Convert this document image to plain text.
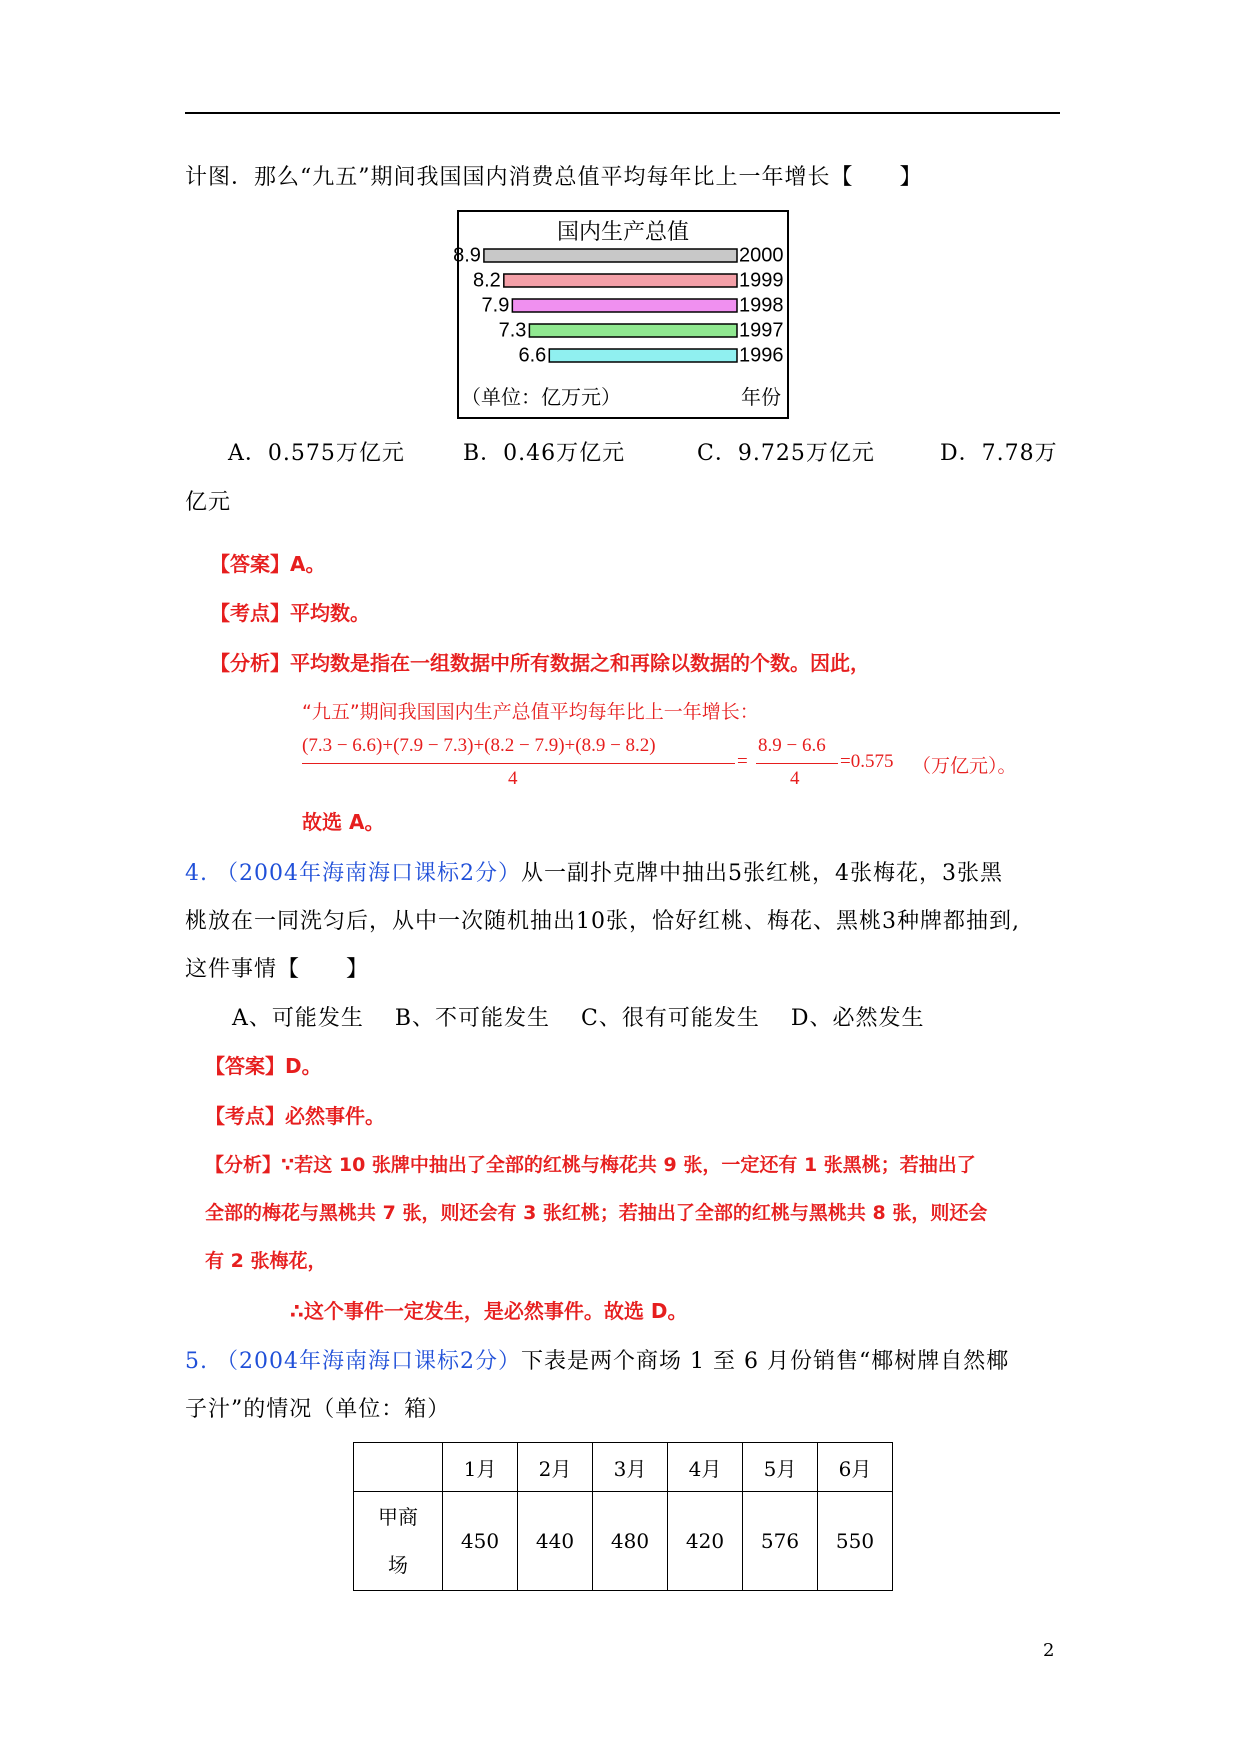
计图．那么“九五”期间我国国内消费总值平均每年比上一年增长【　　】
国内生产总值
8.9	2000
8.2	1999
7.9	1998
7.3	1997
6.6	1996
（单位：亿万元）	年份
A．0.575万亿元	B．0.46万亿元	C．9.725万亿元	D．7.78万
亿元
【答案】A。
【考点】平均数。
【分析】平均数是指在一组数据中所有数据之和再除以数据的个数。因此，
“九五”期间我国国内生产总值平均每年比上一年增长：
(7.3 − 6.6)+(7.9 − 7.3)+(8.2 − 7.9)+(8.9 − 8.2)
4
=
8.9 − 6.6
4
=0.575 （万亿元）。
故选 A。
4. （2004年海南海口课标2分）从一副扑克牌中抽出5张红桃，4张梅花，3张黑
桃放在一同洗匀后，从中一次随机抽出10张，恰好红桃、梅花、黑桃3种牌都抽到,
这件事情【　　】
A、可能发生　 B、不可能发生　 C、很有可能发生　 D、必然发生
【答案】D。
【考点】必然事件。
【分析】∵若这 10 张牌中抽出了全部的红桃与梅花共 9 张，一定还有 1 张黑桃；若抽出了
全部的梅花与黑桃共 7 张，则还会有 3 张红桃；若抽出了全部的红桃与黑桃共 8 张，则还会
有 2 张梅花，
∴这个事件一定发生，是必然事件。故选 D。
5. （2004年海南海口课标2分）下表是两个商场 1 至 6 月份销售“椰树牌自然椰
子汁”的情况（单位：箱）
	1月	2月	3月	4月	5月	6月
甲商
场	450	440	480	420	576	550
2
